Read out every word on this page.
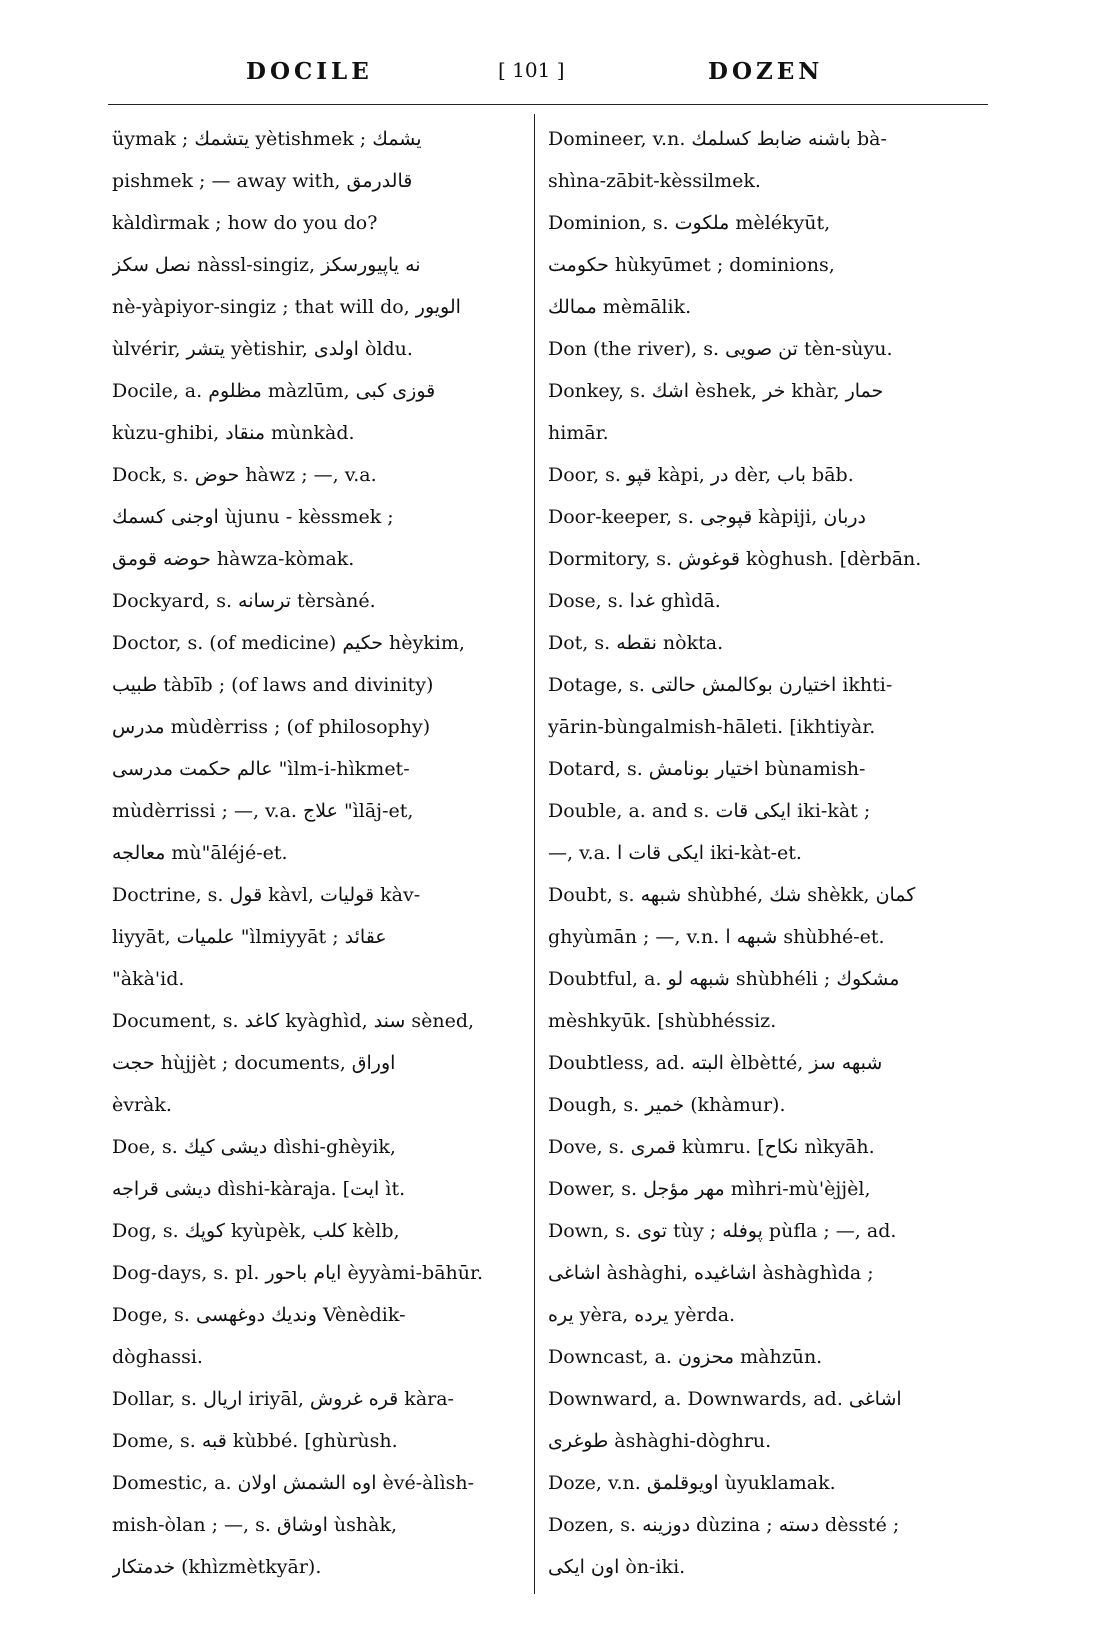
DOCILE	[ 101 ]	DOZEN
üymak ; يتشمك yètishmek ; يشمك
pishmek ; — away with, قالدرمق
kàldìrmak ; how do you do?
نصل سكز nàssl-singiz, نه ياپيورسكز
nè-yàpiyor-singiz ; that will do, الويور
ùlvérir, يتشر yètishir, اولدى òldu.
Docile, a. مظلوم màzlūm, قوزى كبى
kùzu-ghibi, منقاد mùnkàd.
Dock, s. حوض hàwz ; —, v.a.
اوجنى كسمك ùjunu - kèssmek ;
حوضه قومق hàwza-kòmak.
Dockyard, s. ترسانه tèrsàné.
Doctor, s. (of medicine) حكيم hèykim,
طبيب tàbīb ; (of laws and divinity)
مدرس mùdèrriss ; (of philosophy)
عالم حكمت مدرسى "ìlm-i-hìkmet-
mùdèrrissi ; —, v.a. علاج "ìlāj-et,
معالجه mù"āléjé-et.
Doctrine, s. قول kàvl, قوليات kàv-
liyyāt, علميات "ìlmiyyāt ; عقائد
"àkà'id.
Document, s. كاغد kyàghìd, سند sèned,
حجت hùjjèt ; documents, اوراق
èvràk.
Doe, s. ديشى كيك dìshi-ghèyik,
ديشى قراجه dìshi-kàraja. [ايت ìt.
Dog, s. كوپك kyùpèk, كلب kèlb,
Dog-days, s. pl. ايام باحور èyyàmi-bāhūr.
Doge, s. ونديك دوغهسى Vènèdik-
dòghassi.
Dollar, s. اريال iriyāl, قره غروش kàra-
Dome, s. قبه kùbbé. [ghùrùsh.
Domestic, a. اوه الشمش اولان èvé-àlìsh-
mish-òlan ; —, s. اوشاق ùshàk,
خدمتكار (khìzmètkyār).
Domineer, v.n. باشنه ضابط كسلمك bà-
shìna-zābit-kèssilmek.
Dominion, s. ملكوت mèlékyūt,
حكومت hùkyūmet ; dominions,
ممالك mèmālik.
Don (the river), s. تن صويى tèn-sùyu.
Donkey, s. اشك èshek, خر khàr, حمار
himār.
Door, s. قپو kàpi, در dèr, باب bāb.
Door-keeper, s. قپوجى kàpiji, دربان
Dormitory, s. قوغوش kòghush. [dèrbān.
Dose, s. غدا ghìdā.
Dot, s. نقطه nòkta.
Dotage, s. اختيارن بوكالمش حالتى ikhti-
yārin-bùngalmish-hāleti. [ikhtiyàr.
Dotard, s. اختيار بونامش bùnamish-
Double, a. and s. ايكى قات iki-kàt ;
—, v.a. ايكى قات ا iki-kàt-et.
Doubt, s. شبهه shùbhé, شك shèkk, كمان
ghyùmān ; —, v.n. شبهه ا shùbhé-et.
Doubtful, a. شبهه لو shùbhéli ; مشكوك
mèshkyūk. [shùbhéssiz.
Doubtless, ad. البته èlbètté, شبهه سز
Dough, s. خمير (khàmur).
Dove, s. قمرى kùmru. [نكاح nìkyāh.
Dower, s. مهر مؤجل mìhri-mù'èjjèl,
Down, s. توى tùy ; پوفله pùfla ; —, ad.
اشاغى àshàghi, اشاغيده àshàghìda ;
يره yèra, يرده yèrda.
Downcast, a. محزون màhzūn.
Downward, a. Downwards, ad. اشاغى
طوغرى àshàghi-dòghru.
Doze, v.n. اويوقلمق ùyuklamak.
Dozen, s. دوزينه dùzina ; دسته dèssté ;
اون ايكى òn-iki.
